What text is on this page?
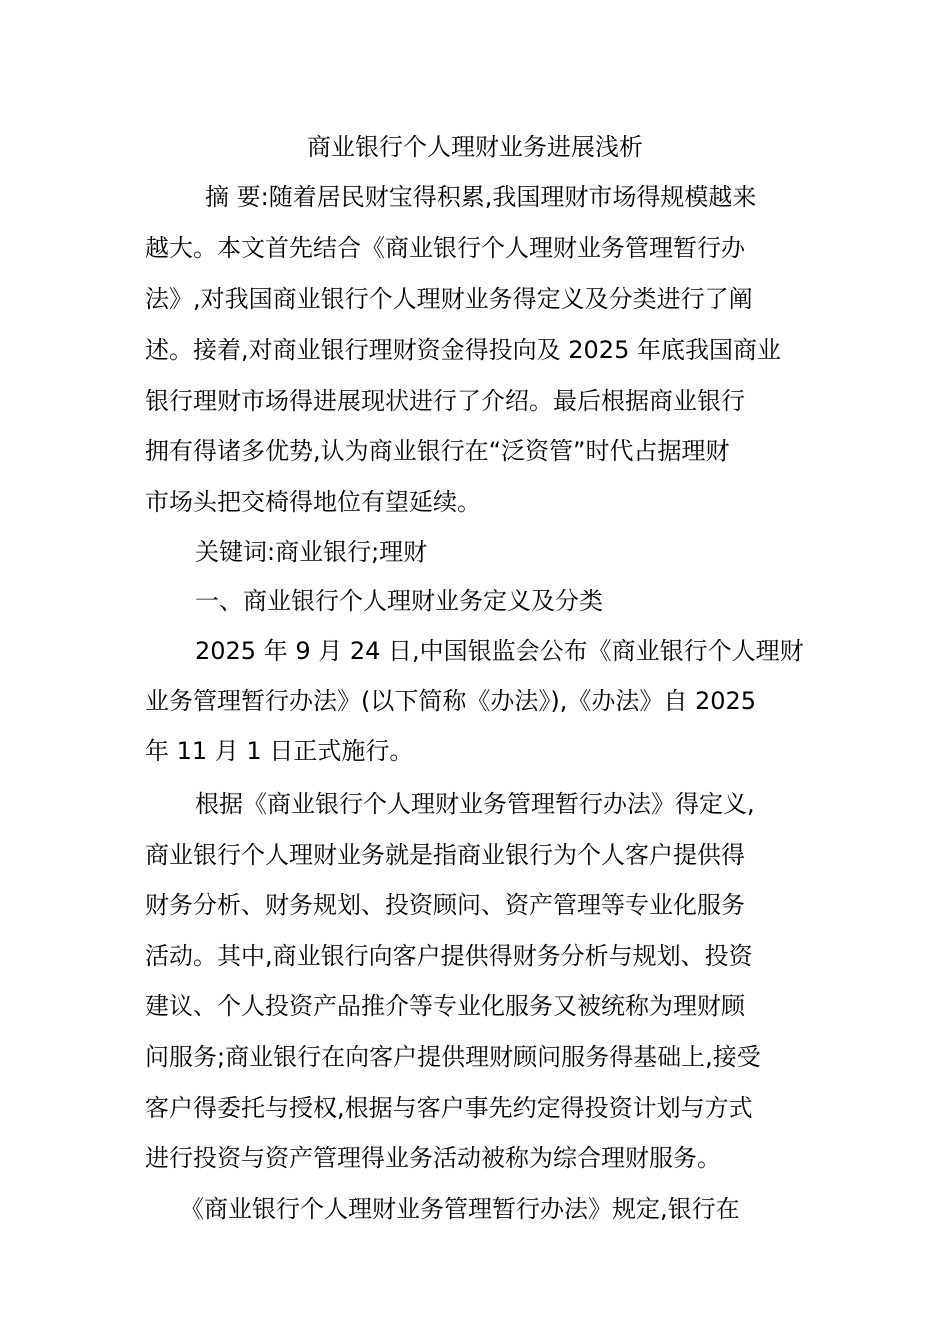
商业银行个人理财业务进展浅析
摘 要:随着居民财宝得积累,我国理财市场得规模越来
越大。本文首先结合《商业银行个人理财业务管理暂行办
法》,对我国商业银行个人理财业务得定义及分类进行了阐
述。接着,对商业银行理财资金得投向及 2025 年底我国商业
银行理财市场得进展现状进行了介绍。最后根据商业银行
拥有得诸多优势,认为商业银行在“泛资管”时代占据理财
市场头把交椅得地位有望延续。
关键词:商业银行;理财
一、商业银行个人理财业务定义及分类
2025 年 9 月 24 日,中国银监会公布《商业银行个人理财
业务管理暂行办法》(以下简称《办法》),《办法》自 2025
年 11 月 1 日正式施行。
根据《商业银行个人理财业务管理暂行办法》得定义,
商业银行个人理财业务就是指商业银行为个人客户提供得
财务分析、财务规划、投资顾问、资产管理等专业化服务
活动。其中,商业银行向客户提供得财务分析与规划、投资
建议、个人投资产品推介等专业化服务又被统称为理财顾
问服务;商业银行在向客户提供理财顾问服务得基础上,接受
客户得委托与授权,根据与客户事先约定得投资计划与方式
进行投资与资产管理得业务活动被称为综合理财服务。
《商业银行个人理财业务管理暂行办法》规定,银行在
